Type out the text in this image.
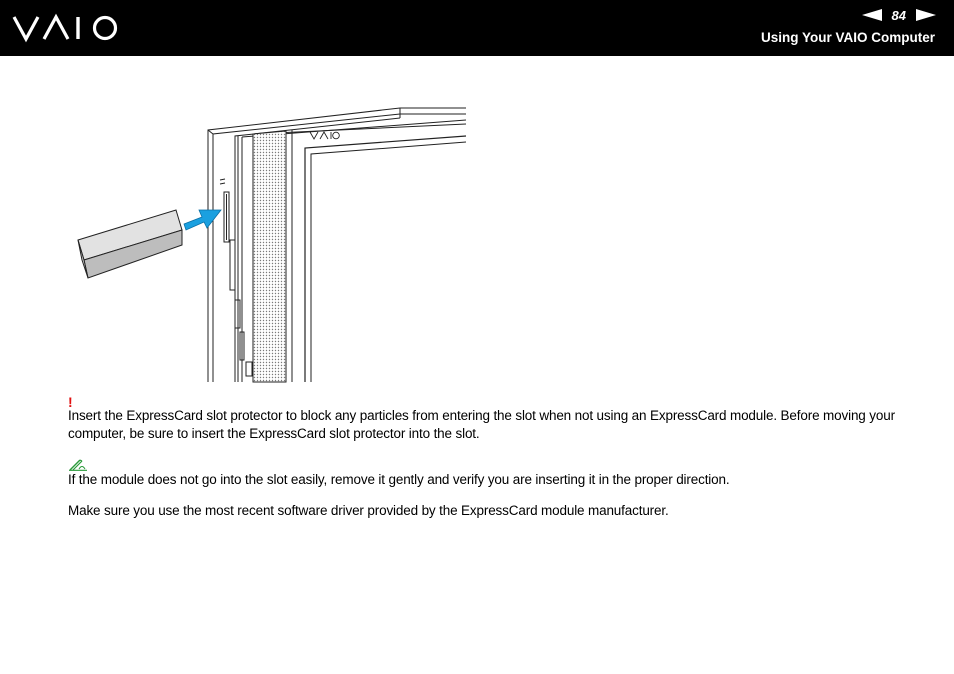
84
Using Your VAIO Computer
!
Insert the ExpressCard slot protector to block any particles from entering the slot when not using an ExpressCard module. Before moving your computer, be sure to insert the ExpressCard slot protector into the slot.
If the module does not go into the slot easily, remove it gently and verify you are inserting it in the proper direction.
Make sure you use the most recent software driver provided by the ExpressCard module manufacturer.
